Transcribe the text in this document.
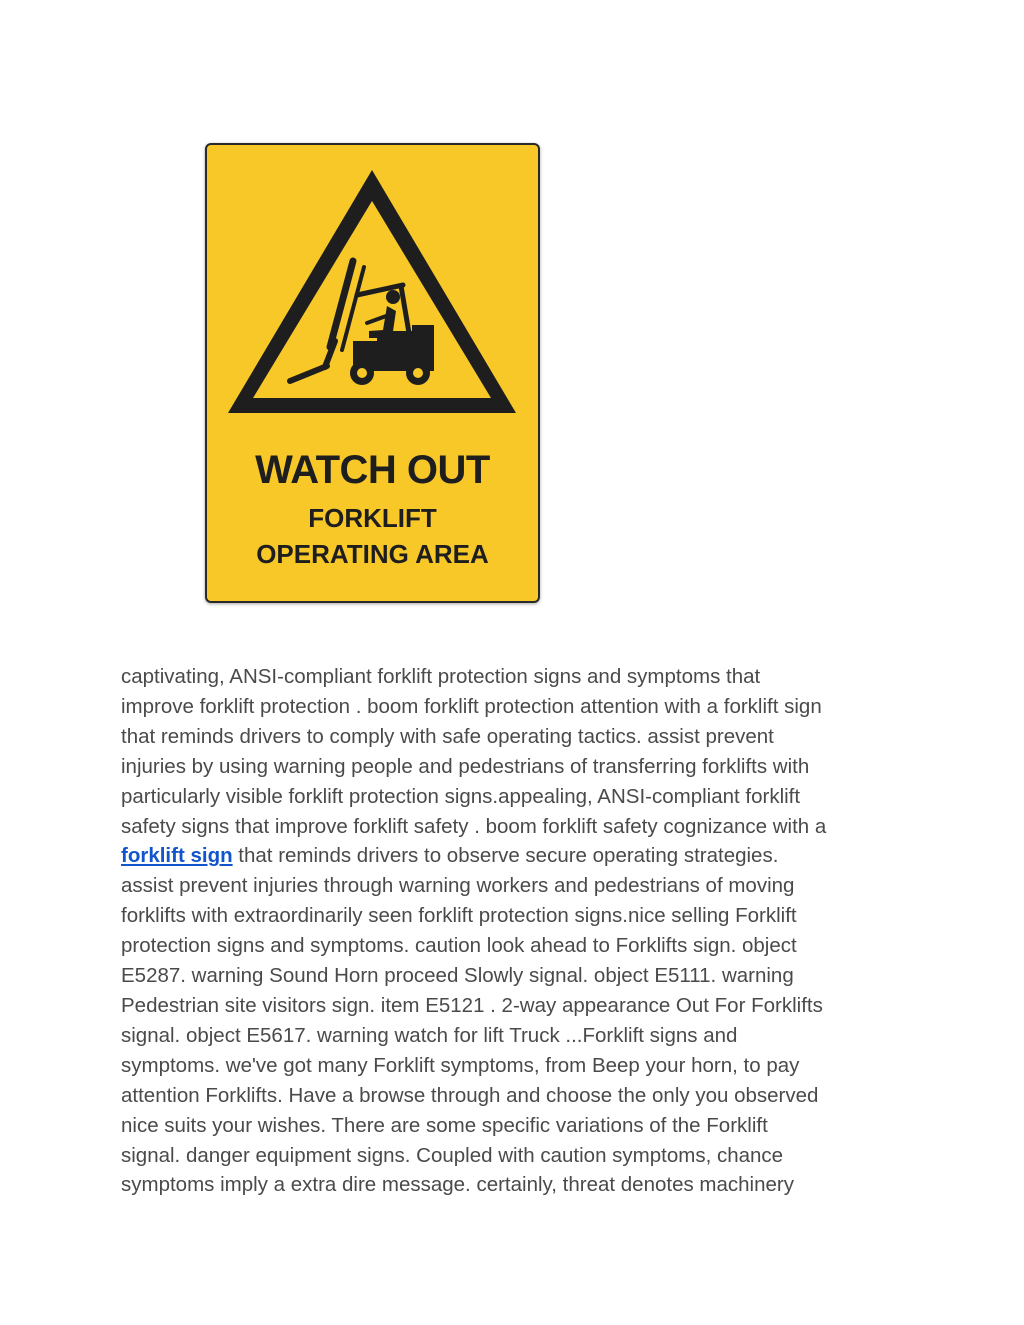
WATCH OUT
FORKLIFT
OPERATING AREA
captivating, ANSI-compliant forklift protection signs and symptoms that
improve forklift protection . boom forklift protection attention with a forklift sign
that reminds drivers to comply with safe operating tactics. assist prevent
injuries by using warning people and pedestrians of transferring forklifts with
particularly visible forklift protection signs.appealing, ANSI-compliant forklift
safety signs that improve forklift safety . boom forklift safety cognizance with a
forklift sign that reminds drivers to observe secure operating strategies.
assist prevent injuries through warning workers and pedestrians of moving
forklifts with extraordinarily seen forklift protection signs.nice selling Forklift
protection signs and symptoms. caution look ahead to Forklifts sign. object
E5287. warning Sound Horn proceed Slowly signal. object E5111. warning
Pedestrian site visitors sign. item E5121 . 2-way appearance Out For Forklifts
signal. object E5617. warning watch for lift Truck ...Forklift signs and
symptoms. we've got many Forklift symptoms, from Beep your horn, to pay
attention Forklifts. Have a browse through and choose the only you observed
nice suits your wishes. There are some specific variations of the Forklift
signal. danger equipment signs. Coupled with caution symptoms, chance
symptoms imply a extra dire message. certainly, threat denotes machinery
